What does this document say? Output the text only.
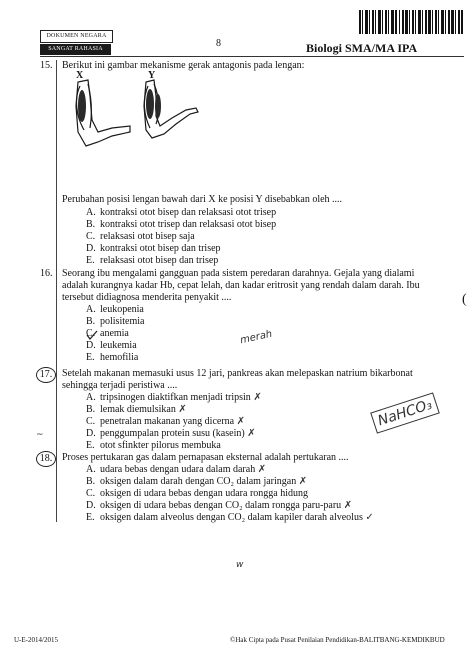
DOKUMEN NEGARA
SANGAT RAHASIA	8	Biologi SMA/MA IPA
15. Berikut ini gambar mekanisme gerak antagonis pada lengan:
X	Y
Perubahan posisi lengan bawah dari X ke posisi Y disebabkan oleh ....
A. kontraksi otot bisep dan relaksasi otot trisep
B. kontraksi otot trisep dan relaksasi otot bisep
C. relaksasi otot bisep saja
D. kontraksi otot bisep dan trisep
E. relaksasi otot bisep dan trisep
16. Seorang ibu mengalami gangguan pada sistem peredaran darahnya. Gejala yang dialami
adalah kurangnya kadar Hb, cepat lelah, dan kadar eritrosit yang rendah dalam darah. Ibu
tersebut didiagnosa menderita penyakit ....
A. leukopenia
B. polisitemia
C. anemia
D. leukemia
E. hemofilia
merah
(
17. Setelah makanan memasuki usus 12 jari, pankreas akan melepaskan natrium bikarbonat
sehingga terjadi peristiwa ....
A. tripsinogen diaktifkan menjadi tripsin ✗
B. lemak diemulsikan ✗
C. penetralan makanan yang dicerna ✗
D. penggumpalan protein susu (kasein) ✗
E. otot sfinkter pilorus membuka
NaHCO₃
~
18. Proses pertukaran gas dalam pernapasan eksternal adalah pertukaran ....
A. udara bebas dengan udara dalam darah ✗
B. oksigen dalam darah dengan CO₂ dalam jaringan ✗
C. oksigen di udara bebas dengan udara rongga hidung
D. oksigen di udara bebas dengan CO₂ dalam rongga paru-paru ✗
E. oksigen dalam alveolus dengan CO₂ dalam kapiler darah alveolus ✓
w
U-E-2014/2015	©Hak Cipta pada Pusat Penilaian Pendidikan-BALITBANG-KEMDIKBUD
